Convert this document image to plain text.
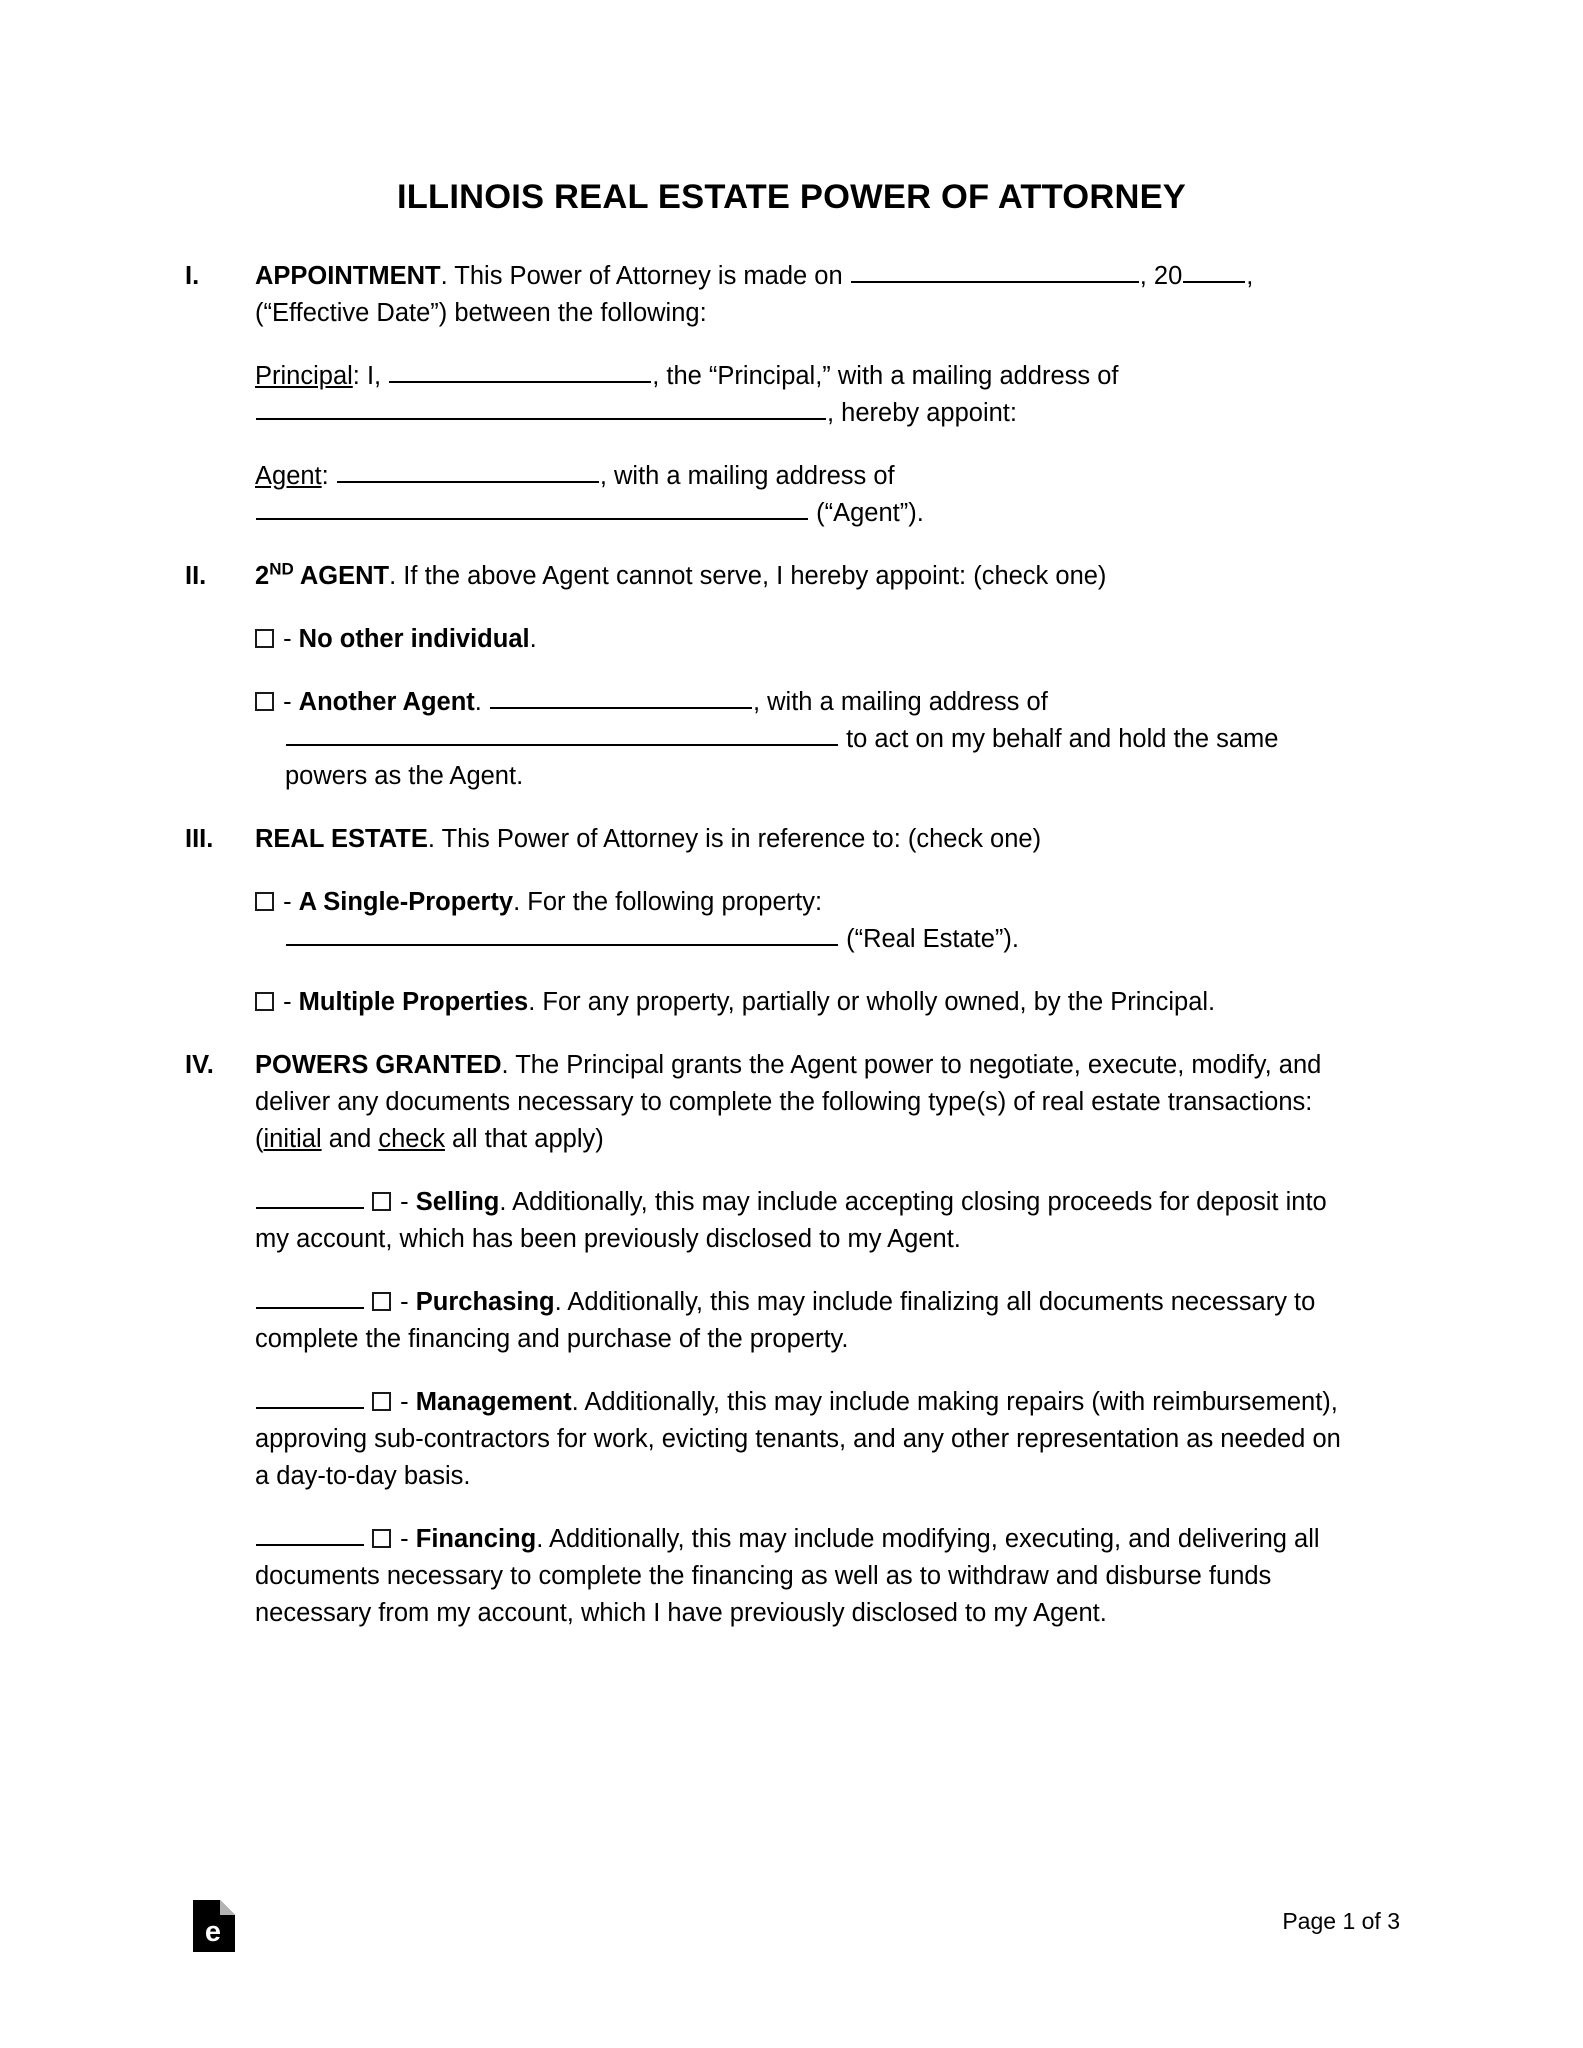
ILLINOIS REAL ESTATE POWER OF ATTORNEY
I.	APPOINTMENT. This Power of Attorney is made on	, 20	, (“Effective Date”) between the following:
Principal: I,	, the “Principal,” with a mailing address of , hereby appoint:
Agent:	, with a mailing address of  (“Agent”).
II.	2ND AGENT. If the above Agent cannot serve, I hereby appoint: (check one)
- No other individual.
- Another Agent.	, with a mailing address of  to act on my behalf and hold the same powers as the Agent.
III.	REAL ESTATE. This Power of Attorney is in reference to: (check one)
- A Single-Property. For the following property:  (“Real Estate”).
- Multiple Properties. For any property, partially or wholly owned, by the Principal.
IV.	POWERS GRANTED. The Principal grants the Agent power to negotiate, execute, modify, and deliver any documents necessary to complete the following type(s) of real estate transactions: (initial and check all that apply)
- Selling. Additionally, this may include accepting closing proceeds for deposit into my account, which has been previously disclosed to my Agent.
- Purchasing. Additionally, this may include finalizing all documents necessary to complete the financing and purchase of the property.
- Management. Additionally, this may include making repairs (with reimbursement), approving sub-contractors for work, evicting tenants, and any other representation as needed on a day-to-day basis.
- Financing. Additionally, this may include modifying, executing, and delivering all documents necessary to complete the financing as well as to withdraw and disburse funds necessary from my account, which I have previously disclosed to my Agent.
e	Page 1 of 3
